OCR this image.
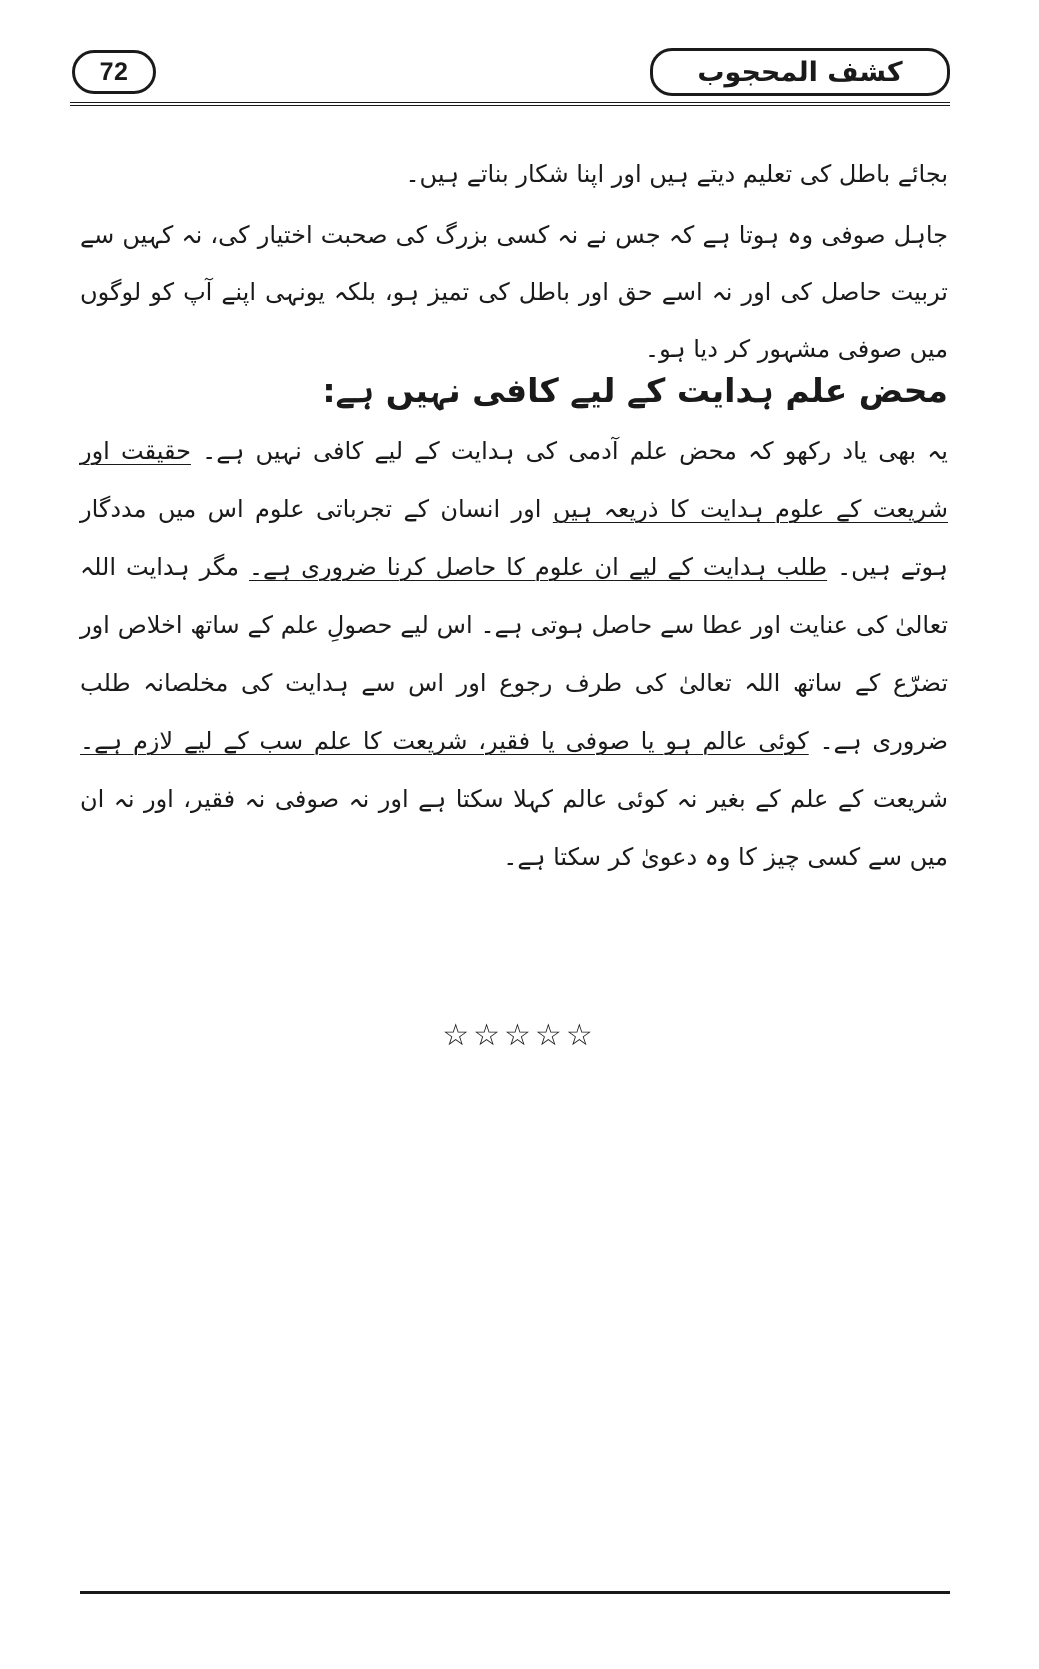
72	کشف المحجوب

بجائے باطل کی تعلیم دیتے ہیں اور اپنا شکار بناتے ہیں۔

جاہل صوفی وہ ہوتا ہے کہ جس نے نہ کسی بزرگ کی صحبت اختیار کی، نہ کہیں سے تربیت حاصل کی اور نہ اسے حق اور باطل کی تمیز ہو، بلکہ یونہی اپنے آپ کو لوگوں میں صوفی مشہور کر دیا ہو۔

محض علم ہدایت کے لیے کافی نہیں ہے:

یہ بھی یاد رکھو کہ محض علم آدمی کی ہدایت کے لیے کافی نہیں ہے۔ حقیقت اور شریعت کے علوم ہدایت کا ذریعہ ہیں اور انسان کے تجرباتی علوم اس میں مددگار ہوتے ہیں۔ طلب ہدایت کے لیے ان علوم کا حاصل کرنا ضروری ہے۔ مگر ہدایت اللہ تعالیٰ کی عنایت اور عطا سے حاصل ہوتی ہے۔ اس لیے حصولِ علم کے ساتھ اخلاص اور تضرّع کے ساتھ اللہ تعالیٰ کی طرف رجوع اور اس سے ہدایت کی مخلصانہ طلب ضروری ہے۔ کوئی عالم ہو یا صوفی یا فقیر، شریعت کا علم سب کے لیے لازم ہے۔ شریعت کے علم کے بغیر نہ کوئی عالم کہلا سکتا ہے اور نہ صوفی نہ فقیر، اور نہ ان میں سے کسی چیز کا وہ دعویٰ کر سکتا ہے۔

☆☆☆☆☆
